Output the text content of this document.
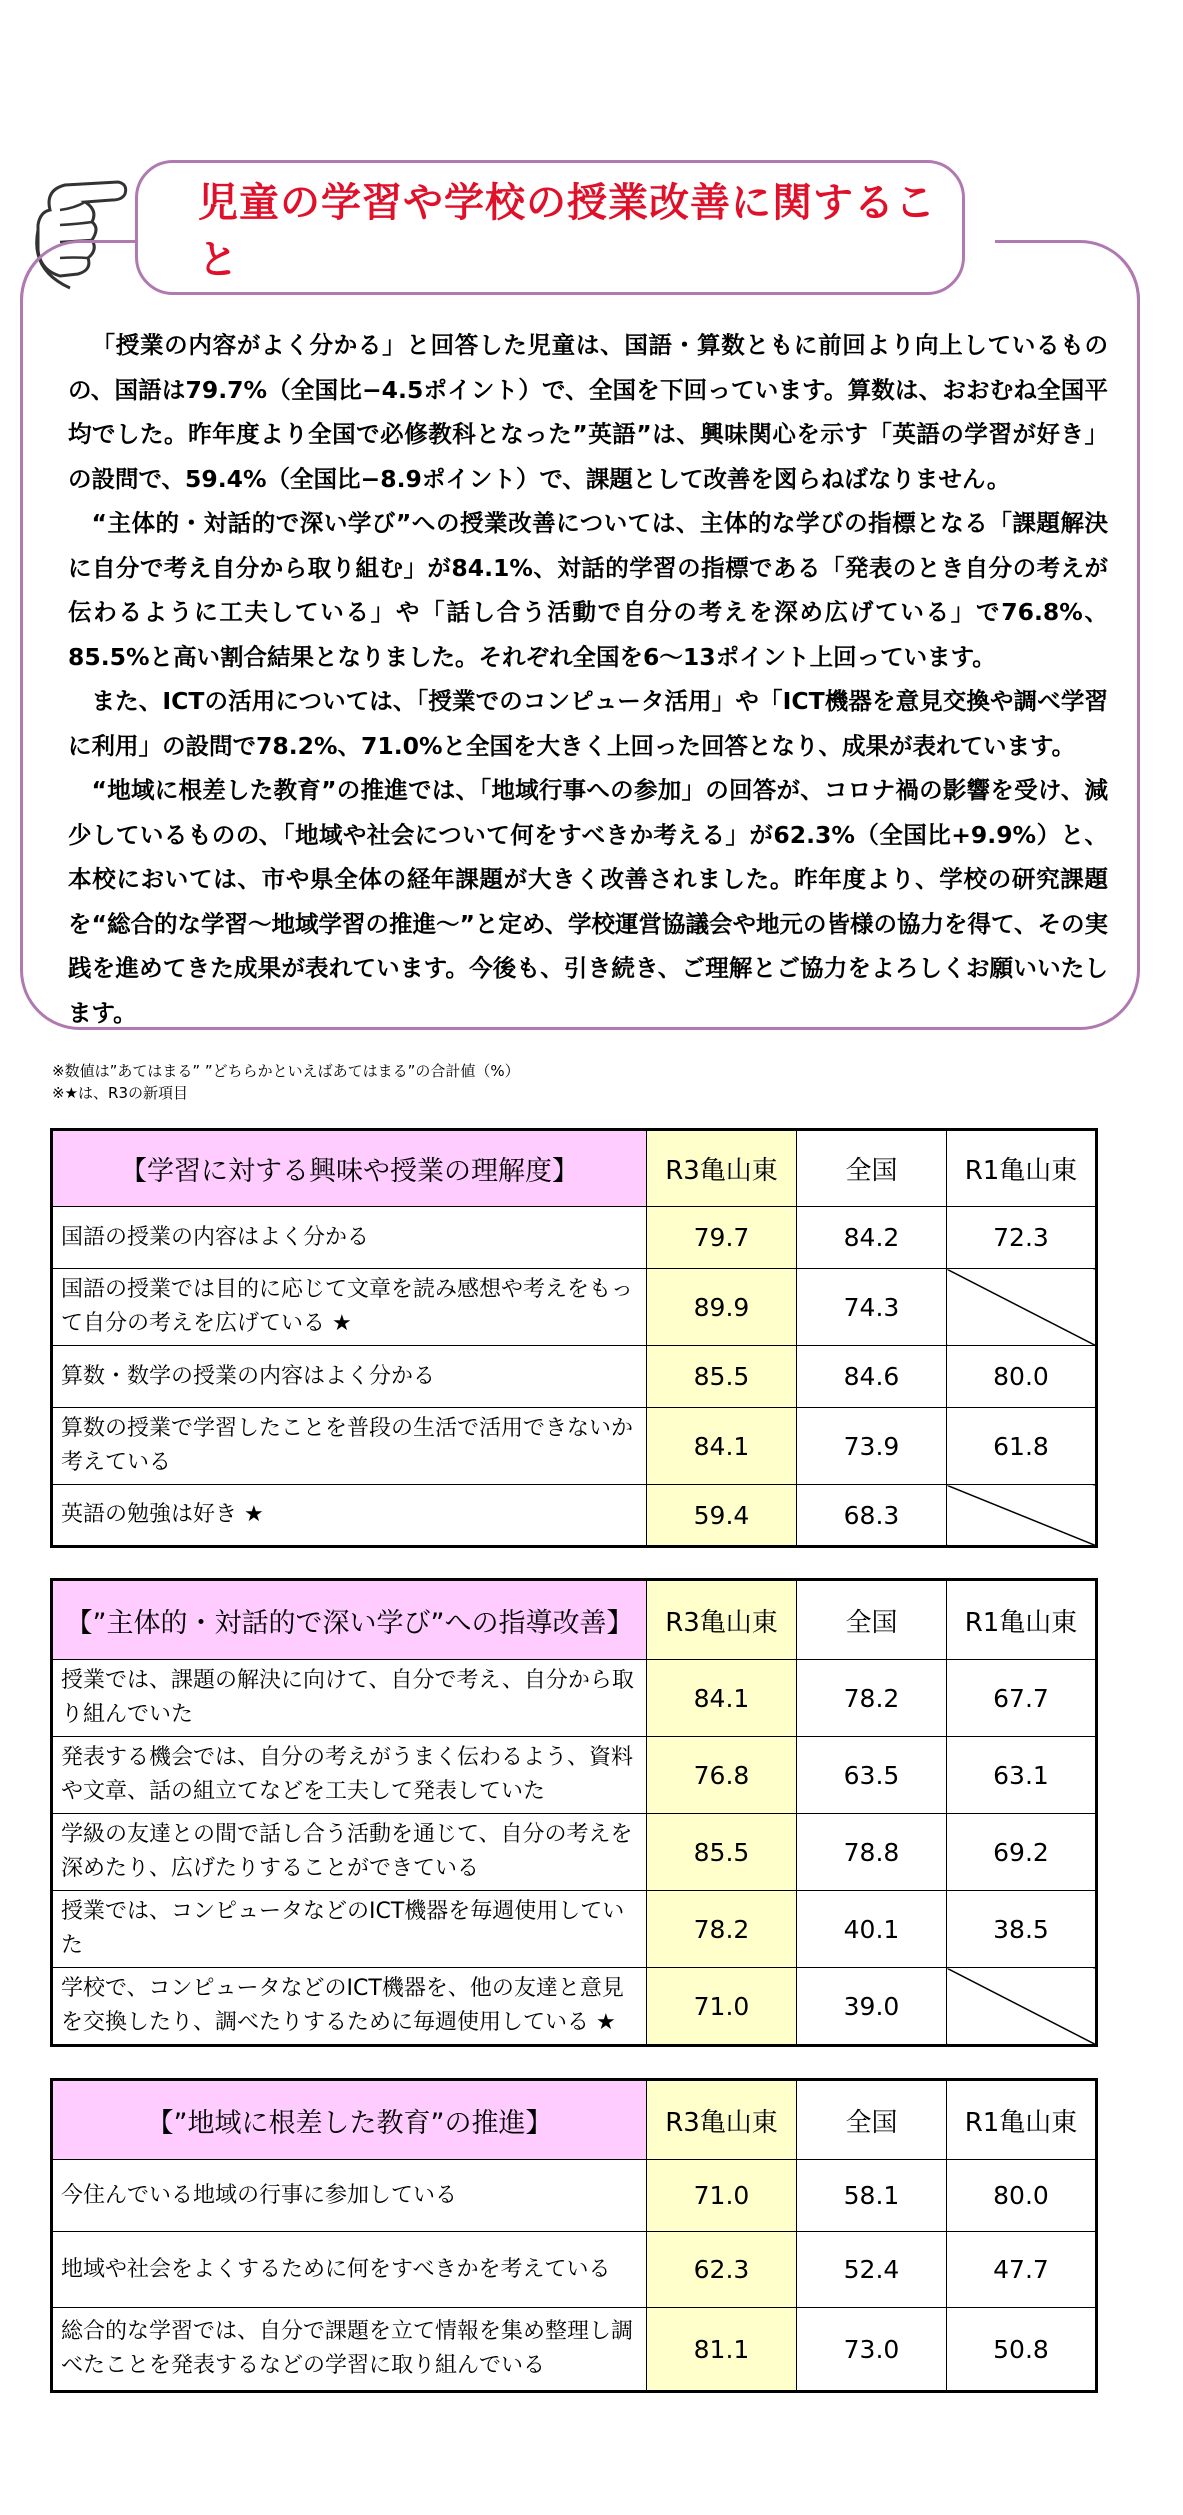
児童の学習や学校の授業改善に関すること

「授業の内容がよく分かる」と回答した児童は、国語・算数ともに前回より向上しているものの、国語は79.7%（全国比−4.5ポイント）で、全国を下回っています。算数は、おおむね全国平均でした。昨年度より全国で必修教科となった”英語”は、興味関心を示す「英語の学習が好き」の設問で、59.4%（全国比−8.9ポイント）で、課題として改善を図らねばなりません。

“主体的・対話的で深い学び”への授業改善については、主体的な学びの指標となる「課題解決に自分で考え自分から取り組む」が84.1%、対話的学習の指標である「発表のとき自分の考えが伝わるように工夫している」や「話し合う活動で自分の考えを深め広げている」で76.8%、85.5%と高い割合結果となりました。それぞれ全国を6〜13ポイント上回っています。

また、ICTの活用については、「授業でのコンピュータ活用」や「ICT機器を意見交換や調べ学習に利用」の設問で78.2%、71.0%と全国を大きく上回った回答となり、成果が表れています。

“地域に根差した教育”の推進では、「地域行事への参加」の回答が、コロナ禍の影響を受け、減少しているものの、「地域や社会について何をすべきか考える」が62.3%（全国比+9.9%）と、本校においては、市や県全体の経年課題が大きく改善されました。昨年度より、学校の研究課題を“総合的な学習〜地域学習の推進〜”と定め、学校運営協議会や地元の皆様の協力を得て、その実践を進めてきた成果が表れています。今後も、引き続き、ご理解とご協力をよろしくお願いいたします。

※数値は”あてはまる” ”どちらかといえばあてはまる”の合計値（%）
※★は、R3の新項目
【学習に対する興味や授業の理解度】	R3亀山東	全国	R1亀山東
国語の授業の内容はよく分かる	79.7	84.2	72.3
国語の授業では目的に応じて文章を読み感想や考えをもって自分の考えを広げている ★	89.9	74.3	
算数・数学の授業の内容はよく分かる	85.5	84.6	80.0
算数の授業で学習したことを普段の生活で活用できないか考えている	84.1	73.9	61.8
英語の勉強は好き ★	59.4	68.3	
【”主体的・対話的で深い学び”への指導改善】	R3亀山東	全国	R1亀山東
授業では、課題の解決に向けて、自分で考え、自分から取り組んでいた	84.1	78.2	67.7
発表する機会では、自分の考えがうまく伝わるよう、資料や文章、話の組立てなどを工夫して発表していた	76.8	63.5	63.1
学級の友達との間で話し合う活動を通じて、自分の考えを深めたり、広げたりすることができている	85.5	78.8	69.2
授業では、コンピュータなどのICT機器を毎週使用していた	78.2	40.1	38.5
学校で、コンピュータなどのICT機器を、他の友達と意見を交換したり、調べたりするために毎週使用している ★	71.0	39.0	
【”地域に根差した教育”の推進】	R3亀山東	全国	R1亀山東
今住んでいる地域の行事に参加している	71.0	58.1	80.0
地域や社会をよくするために何をすべきかを考えている	62.3	52.4	47.7
総合的な学習では、自分で課題を立て情報を集め整理し調べたことを発表するなどの学習に取り組んでいる	81.1	73.0	50.8
